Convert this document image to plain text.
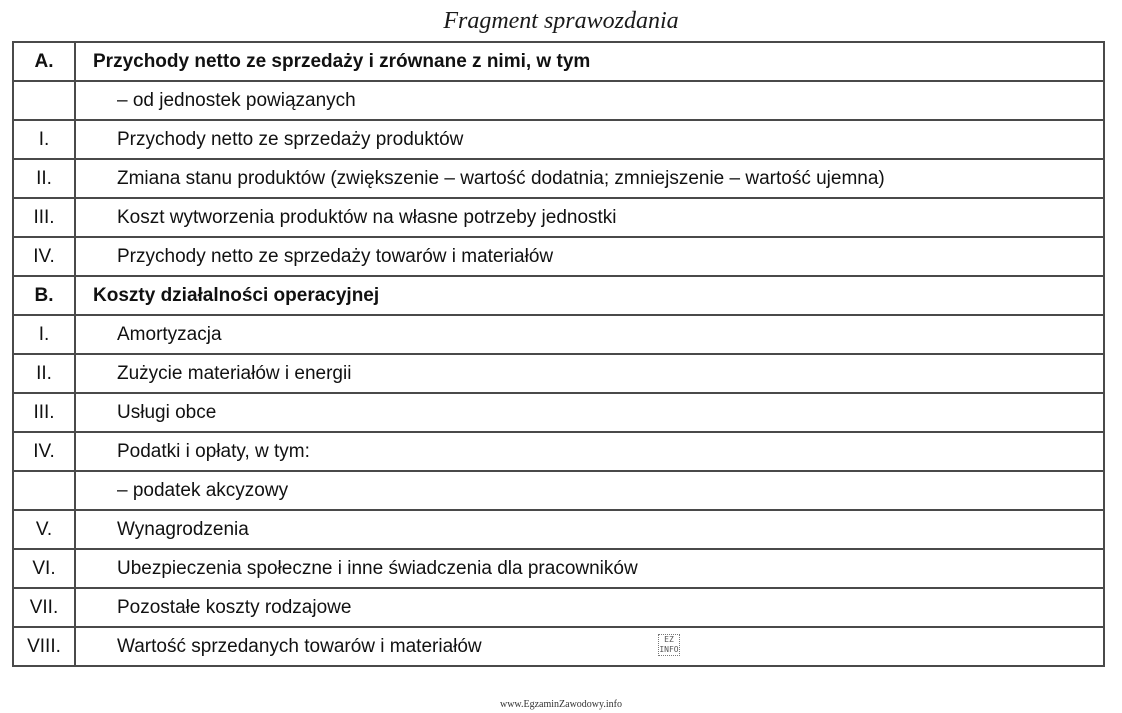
Fragment sprawozdania
A.	Przychody netto ze sprzedaży i zrównane z nimi, w tym
	– od jednostek powiązanych
I.	Przychody netto ze sprzedaży produktów
II.	Zmiana stanu produktów (zwiększenie – wartość dodatnia; zmniejszenie – wartość ujemna)
III.	Koszt wytworzenia produktów na własne potrzeby jednostki
IV.	Przychody netto ze sprzedaży towarów i materiałów
B.	Koszty działalności operacyjnej
I.	Amortyzacja
II.	Zużycie materiałów i energii
III.	Usługi obce
IV.	Podatki i opłaty, w tym:
	– podatek akcyzowy
V.	Wynagrodzenia
VI.	Ubezpieczenia społeczne i inne świadczenia dla pracowników
VII.	Pozostałe koszty rodzajowe
VIII.	Wartość sprzedanych towarów i materiałów	EZ
INFO
www.EgzaminZawodowy.info
